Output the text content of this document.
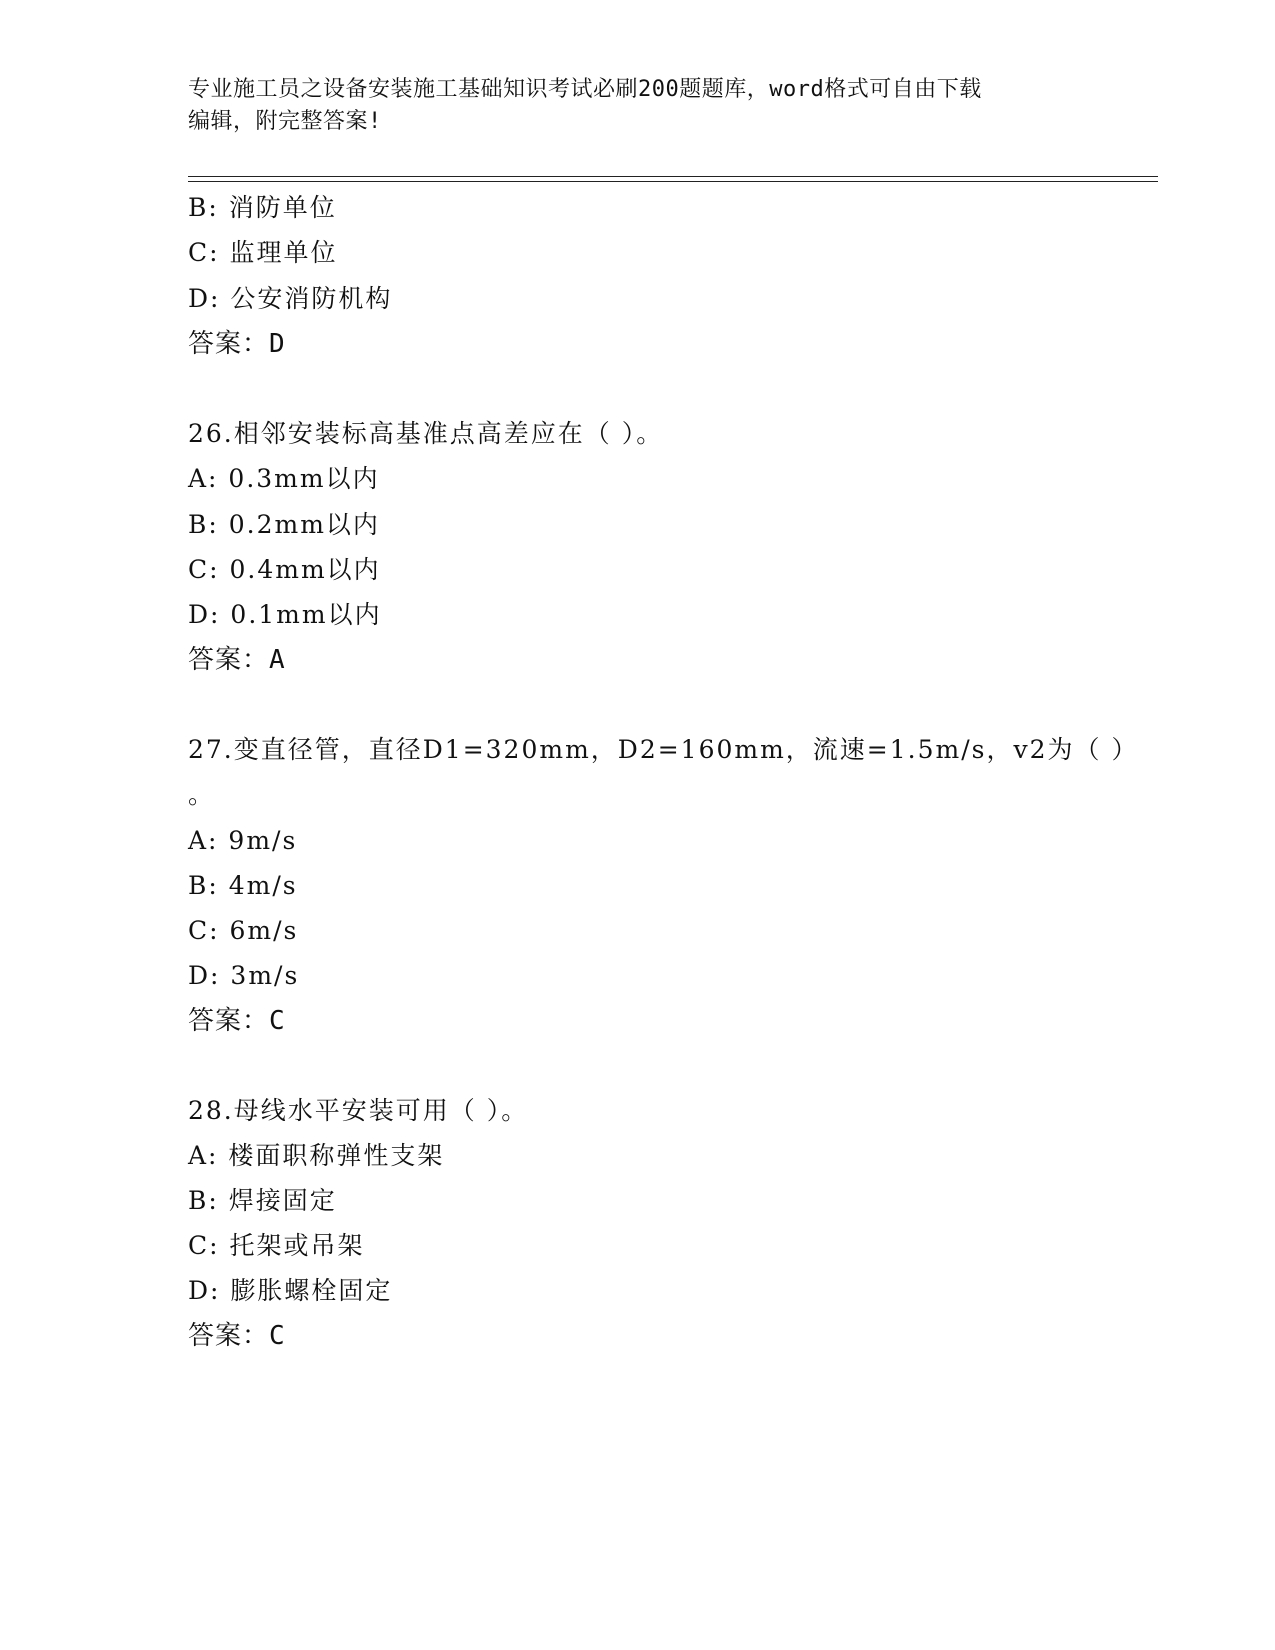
专业施工员之设备安装施工基础知识考试必刷200题题库，word格式可自由下载
编辑，附完整答案!
B: 消防单位
C: 监理单位
D: 公安消防机构
答案：D
26.相邻安装标高基准点高差应在（ ）。
A: 0.3mm以内
B: 0.2mm以内
C: 0.4mm以内
D: 0.1mm以内
答案：A
27.变直径管，直径D1=320mm，D2=160mm，流速=1.5m/s，v2为（ ）
。
A: 9m/s
B: 4m/s
C: 6m/s
D: 3m/s
答案：C
28.母线水平安装可用（ ）。
A: 楼面职称弹性支架
B: 焊接固定
C: 托架或吊架
D: 膨胀螺栓固定
答案：C
